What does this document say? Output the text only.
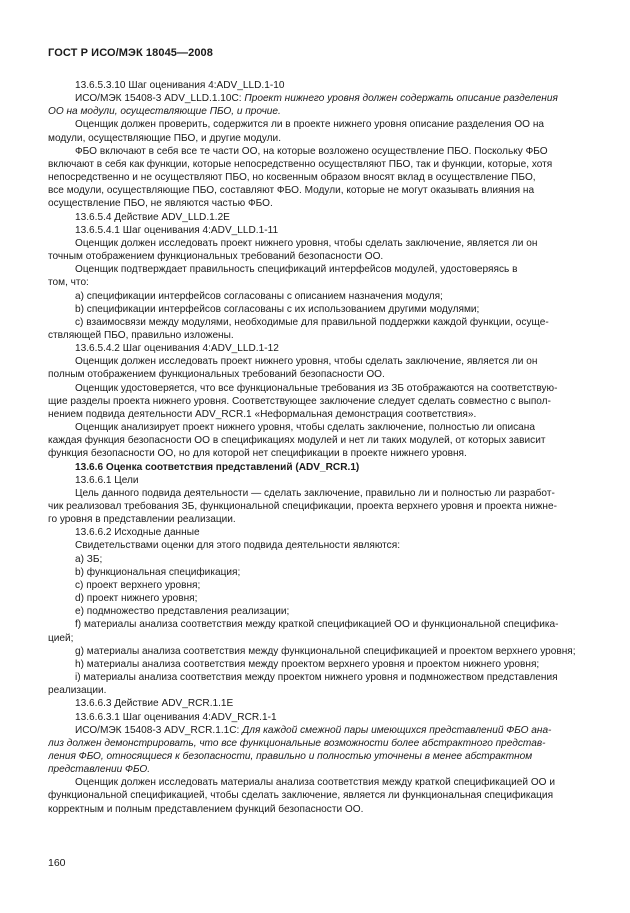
ГОСТ Р ИСО/МЭК 18045—2008
13.6.5.3.10 Шаг оценивания 4:ADV_LLD.1-10
ИСО/МЭК 15408-3 ADV_LLD.1.10С: Проект нижнего уровня должен содержать описание разделения
ОО на модули, осуществляющие ПБО, и прочие.
Оценщик должен проверить, содержится ли в проекте нижнего уровня описание разделения ОО на
модули, осуществляющие ПБО, и другие модули.
ФБО включают в себя все те части ОО, на которые возложено осуществление ПБО. Поскольку ФБО
включают в себя как функции, которые непосредственно осуществляют ПБО, так и функции, которые, хотя
непосредственно и не осуществляют ПБО, но косвенным образом вносят вклад в осуществление ПБО,
все модули, осуществляющие ПБО, составляют ФБО. Модули, которые не могут оказывать влияния на
осуществление ПБО, не являются частью ФБО.
13.6.5.4 Действие ADV_LLD.1.2E
13.6.5.4.1 Шаг оценивания 4:ADV_LLD.1-11
Оценщик должен исследовать проект нижнего уровня, чтобы сделать заключение, является ли он
точным отображением функциональных требований безопасности ОО.
Оценщик подтверждает правильность спецификаций интерфейсов модулей, удостоверяясь в
том, что:
a) спецификации интерфейсов согласованы с описанием назначения модуля;
b) спецификации интерфейсов согласованы с их использованием другими модулями;
c) взаимосвязи между модулями, необходимые для правильной поддержки каждой функции, осуще-
ствляющей ПБО, правильно изложены.
13.6.5.4.2 Шаг оценивания 4:ADV_LLD.1-12
Оценщик должен исследовать проект нижнего уровня, чтобы сделать заключение, является ли он
полным отображением функциональных требований безопасности ОО.
Оценщик удостоверяется, что все функциональные требования из ЗБ отображаются на соответствую-
щие разделы проекта нижнего уровня. Соответствующее заключение следует сделать совместно с выпол-
нением подвида деятельности ADV_RCR.1 «Неформальная демонстрация соответствия».
Оценщик анализирует проект нижнего уровня, чтобы сделать заключение, полностью ли описана
каждая функция безопасности ОО в спецификациях модулей и нет ли таких модулей, от которых зависит
функция безопасности ОО, но для которой нет спецификации в проекте нижнего уровня.
13.6.6 Оценка соответствия представлений (ADV_RCR.1)
13.6.6.1 Цели
Цель данного подвида деятельности — сделать заключение, правильно ли и полностью ли разработ-
чик реализовал требования ЗБ, функциональной спецификации, проекта верхнего уровня и проекта нижне-
го уровня в представлении реализации.
13.6.6.2 Исходные данные
Свидетельствами оценки для этого подвида деятельности являются:
a) ЗБ;
b) функциональная спецификация;
c) проект верхнего уровня;
d) проект нижнего уровня;
e) подмножество представления реализации;
f) материалы анализа соответствия между краткой спецификацией ОО и функциональной специфика-
цией;
g) материалы анализа соответствия между функциональной спецификацией и проектом верхнего уровня;
h) материалы анализа соответствия между проектом верхнего уровня и проектом нижнего уровня;
i) материалы анализа соответствия между проектом нижнего уровня и подмножеством представления
реализации.
13.6.6.3 Действие ADV_RCR.1.1E
13.6.6.3.1 Шаг оценивания 4:ADV_RCR.1-1
ИСО/МЭК 15408-3 ADV_RCR.1.1С: Для каждой смежной пары имеющихся представлений ФБО ана-
лиз должен демонстрировать, что все функциональные возможности более абстрактного представ-
ления ФБО, относящиеся к безопасности, правильно и полностью уточнены в менее абстрактном
представлении ФБО.
Оценщик должен исследовать материалы анализа соответствия между краткой спецификацией ОО и
функциональной спецификацией, чтобы сделать заключение, является ли функциональная спецификация
корректным и полным представлением функций безопасности ОО.
160
